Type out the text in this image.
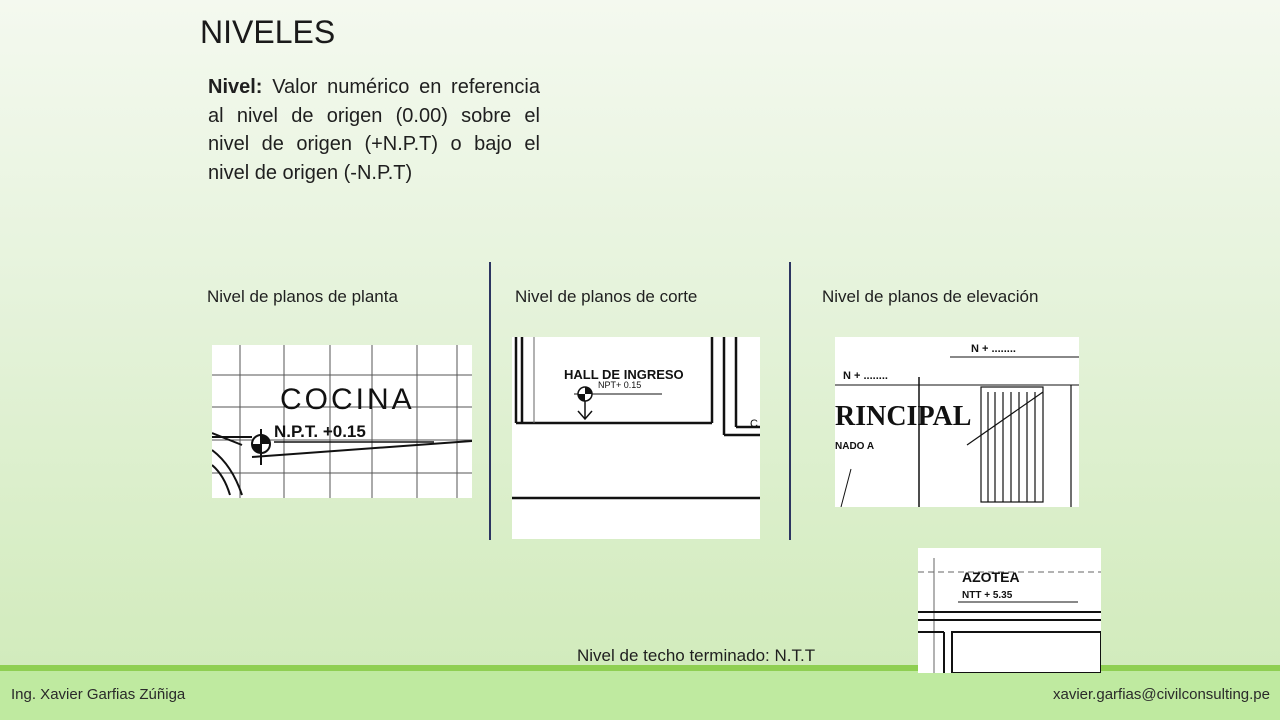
NIVELES
Nivel: Valor numérico en referencia al nivel de origen (0.00) sobre el nivel de origen (+N.P.T) o bajo el nivel de origen (-N.P.T)
Nivel de planos de planta	Nivel de planos de corte	Nivel de planos de elevación
COCINA
N.P.T. +0.15
HALL DE INGRESO
NPT+ 0.15
C
N + ........
N + ........
RINCIPAL
NADO A
AZOTEA
NTT + 5.35
Nivel de techo terminado: N.T.T
Ing. Xavier Garfias Zúñiga	xavier.garfias@civilconsulting.pe
